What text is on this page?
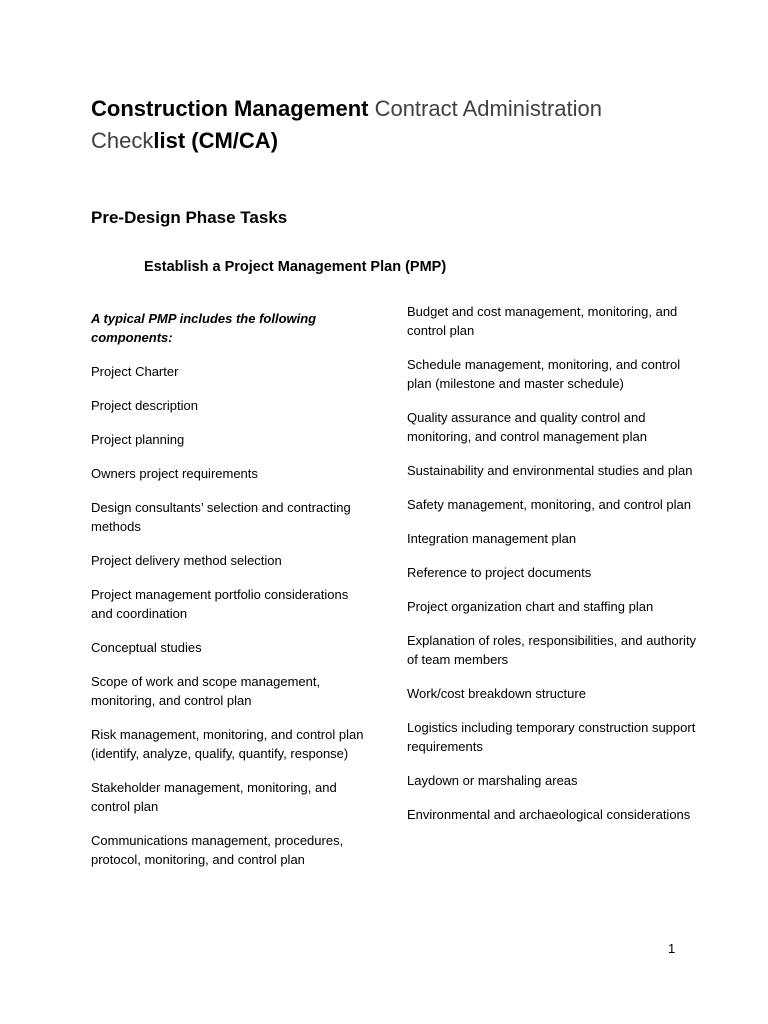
Construction Management Contract Administration
Checklist (CM/CA)
Pre-Design Phase Tasks
Establish a Project Management Plan (PMP)

A typical PMP includes the following components:

Project Charter

Project description

Project planning

Owners project requirements

Design consultants’ selection and contracting methods

Project delivery method selection

Project management portfolio considerations and coordination

Conceptual studies

Scope of work and scope management, monitoring, and control plan

Risk management, monitoring, and control plan (identify, analyze, qualify, quantify, response)

Stakeholder management, monitoring, and control plan

Communications management, procedures, protocol, monitoring, and control plan

Budget and cost management, monitoring, and control plan

Schedule management, monitoring, and control plan (milestone and master schedule)

Quality assurance and quality control and monitoring, and control management plan

Sustainability and environmental studies and plan

Safety management, monitoring, and control plan

Integration management plan

Reference to project documents

Project organization chart and staffing plan

Explanation of roles, responsibilities, and authority of team members

Work/cost breakdown structure

Logistics including temporary construction support requirements

Laydown or marshaling areas

Environmental and archaeological considerations

1
